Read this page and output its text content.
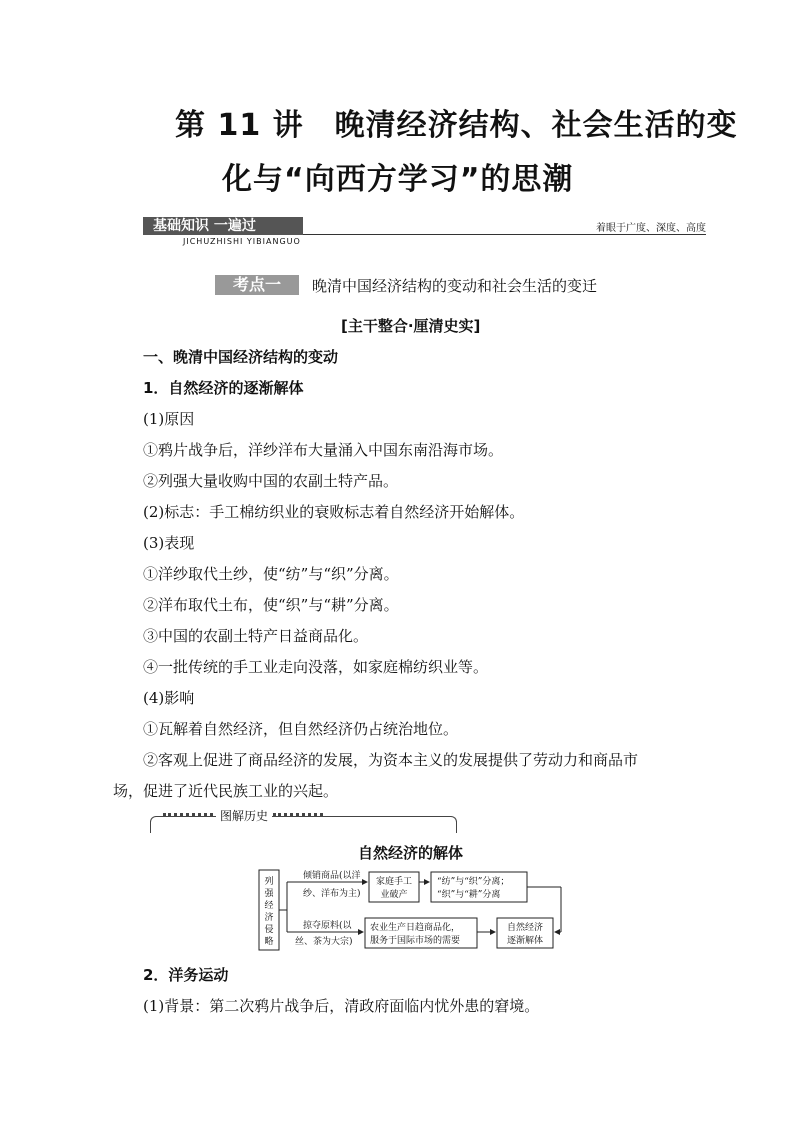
第 11 讲　晚清经济结构、社会生活的变
化与“向西方学习”的思潮
基础知识 一遍过
JICHUZHISHI YIBIANGUO
着眼于广度、深度、高度
考点一	晚清中国经济结构的变动和社会生活的变迁
[主干整合·厘清史实]
一、晚清中国经济结构的变动
1．自然经济的逐渐解体
(1)原因
①鸦片战争后，洋纱洋布大量涌入中国东南沿海市场。
②列强大量收购中国的农副土特产品。
(2)标志：手工棉纺织业的衰败标志着自然经济开始解体。
(3)表现
①洋纱取代土纱，使“纺”与“织”分离。
②洋布取代土布，使“织”与“耕”分离。
③中国的农副土特产日益商品化。
④一批传统的手工业走向没落，如家庭棉纺织业等。
(4)影响
①瓦解着自然经济，但自然经济仍占统治地位。
②客观上促进了商品经济的发展，为资本主义的发展提供了劳动力和商品市
场，促进了近代民族工业的兴起。
图解历史
自然经济的解体
列
强
经
济
侵
略
倾销商品(以洋
纱、洋布为主)
掠夺原料(以
丝、茶为大宗)
家庭手工
业破产
“纺”与“织”分离；
“织”与“耕”分离
农业生产日趋商品化，
服务于国际市场的需要
自然经济
逐渐解体
2．洋务运动
(1)背景：第二次鸦片战争后，清政府面临内忧外患的窘境。
